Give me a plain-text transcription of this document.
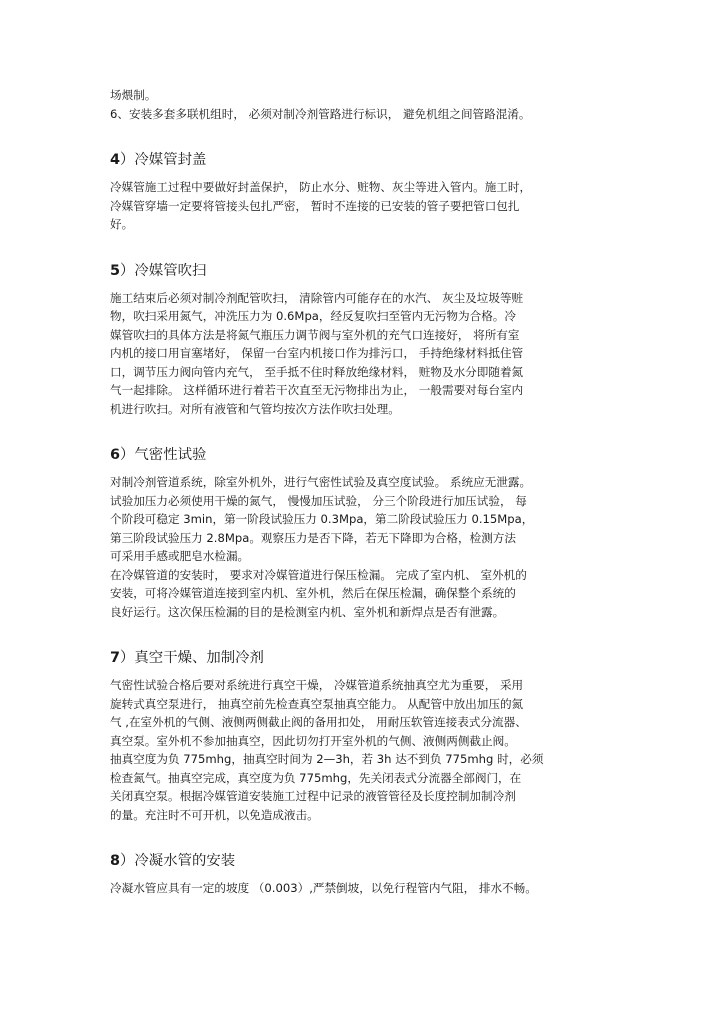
场煨制。
6、安装多套多联机组时， 必须对制冷剂管路进行标识， 避免机组之间管路混淆。
4）冷媒管封盖
冷媒管施工过程中要做好封盖保护， 防止水分、赃物、灰尘等进入管内。施工时，
冷媒管穿墙一定要将管接头包扎严密， 暂时不连接的已安装的管子要把管口包扎
好。
5）冷媒管吹扫
施工结束后必须对制冷剂配管吹扫， 清除管内可能存在的水汽、 灰尘及垃圾等赃
物，吹扫采用氮气，冲洗压力为 0.6Mpa，经反复吹扫至管内无污物为合格。冷
媒管吹扫的具体方法是将氮气瓶压力调节阀与室外机的充气口连接好， 将所有室
内机的接口用盲塞堵好， 保留一台室内机接口作为排污口， 手持绝缘材料抵住管
口，调节压力阀向管内充气， 至手抵不住时释放绝缘材料， 赃物及水分即随着氮
气一起排除。 这样循环进行着若干次直至无污物排出为止， 一般需要对每台室内
机进行吹扫。对所有液管和气管均按次方法作吹扫处理。
6）气密性试验
对制冷剂管道系统，除室外机外，进行气密性试验及真空度试验。 系统应无泄露。
试验加压力必须使用干燥的氮气， 慢慢加压试验， 分三个阶段进行加压试验， 每
个阶段可稳定 3min，第一阶段试验压力 0.3Mpa，第二阶段试验压力 0.15Mpa，
第三阶段试验压力 2.8Mpa。观察压力是否下降，若无下降即为合格，检测方法
可采用手感或肥皂水检漏。
在冷媒管道的安装时， 要求对冷媒管道进行保压检漏。 完成了室内机、 室外机的
安装，可将冷媒管道连接到室内机、室外机，然后在保压检漏，确保整个系统的
良好运行。这次保压检漏的目的是检测室内机、室外机和新焊点是否有泄露。
7）真空干燥、加制冷剂
气密性试验合格后要对系统进行真空干燥， 冷媒管道系统抽真空尤为重要， 采用
旋转式真空泵进行， 抽真空前先检查真空泵抽真空能力。 从配管中放出加压的氮
气 ,在室外机的气侧、液侧两侧截止阀的备用扣处， 用耐压软管连接表式分流器、
真空泵。室外机不参加抽真空，因此切勿打开室外机的气侧、液侧两侧截止阀。
抽真空度为负 775mhg，抽真空时间为 2—3h，若 3h 达不到负 775mhg 时，必须
检查氮气。抽真空完成，真空度为负 775mhg，先关闭表式分流器全部阀门，在
关闭真空泵。根据冷媒管道安装施工过程中记录的液管管径及长度控制加制冷剂
的量。充注时不可开机，以免造成液击。
8）冷凝水管的安装
冷凝水管应具有一定的坡度 （0.003）,严禁倒坡，以免行程管内气阻， 排水不畅。
